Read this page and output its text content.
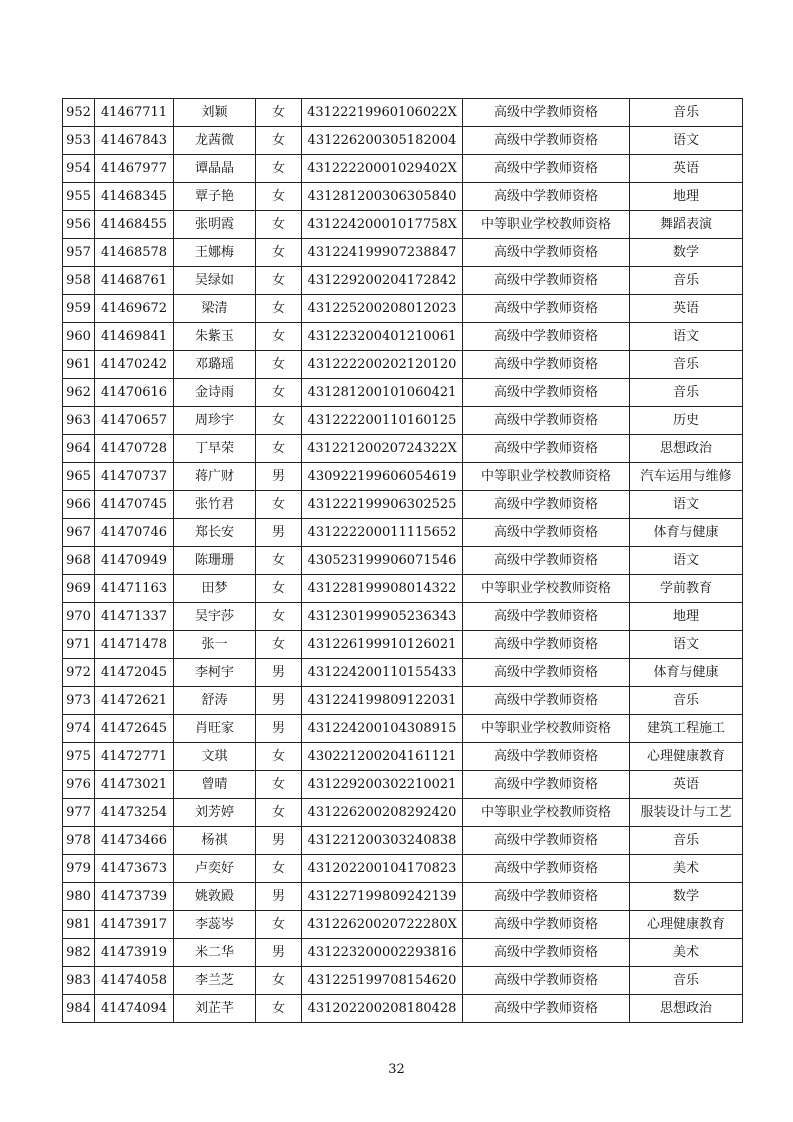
952	41467711	刘颖	女	43122219960106022X	高级中学教师资格	音乐
953	41467843	龙茜微	女	431226200305182004	高级中学教师资格	语文
954	41467977	谭晶晶	女	43122220001029402X	高级中学教师资格	英语
955	41468345	覃子艳	女	431281200306305840	高级中学教师资格	地理
956	41468455	张明霞	女	43122420001017758X	中等职业学校教师资格	舞蹈表演
957	41468578	王娜梅	女	431224199907238847	高级中学教师资格	数学
958	41468761	吴绿如	女	431229200204172842	高级中学教师资格	音乐
959	41469672	梁清	女	431225200208012023	高级中学教师资格	英语
960	41469841	朱紫玉	女	431223200401210061	高级中学教师资格	语文
961	41470242	邓璐瑶	女	431222200202120120	高级中学教师资格	音乐
962	41470616	金诗雨	女	431281200101060421	高级中学教师资格	音乐
963	41470657	周珍宇	女	431222200110160125	高级中学教师资格	历史
964	41470728	丁早荣	女	43122120020724322X	高级中学教师资格	思想政治
965	41470737	蒋广财	男	430922199606054619	中等职业学校教师资格	汽车运用与维修
966	41470745	张竹君	女	431222199906302525	高级中学教师资格	语文
967	41470746	郑长安	男	431222200011115652	高级中学教师资格	体育与健康
968	41470949	陈珊珊	女	430523199906071546	高级中学教师资格	语文
969	41471163	田梦	女	431228199908014322	中等职业学校教师资格	学前教育
970	41471337	吴宇莎	女	431230199905236343	高级中学教师资格	地理
971	41471478	张一	女	431226199910126021	高级中学教师资格	语文
972	41472045	李柯宇	男	431224200110155433	高级中学教师资格	体育与健康
973	41472621	舒涛	男	431224199809122031	高级中学教师资格	音乐
974	41472645	肖旺家	男	431224200104308915	中等职业学校教师资格	建筑工程施工
975	41472771	文琪	女	430221200204161121	高级中学教师资格	心理健康教育
976	41473021	曾晴	女	431229200302210021	高级中学教师资格	英语
977	41473254	刘芳婷	女	431226200208292420	中等职业学校教师资格	服装设计与工艺
978	41473466	杨祺	男	431221200303240838	高级中学教师资格	音乐
979	41473673	卢奕好	女	431202200104170823	高级中学教师资格	美术
980	41473739	姚敦殿	男	431227199809242139	高级中学教师资格	数学
981	41473917	李蕊岑	女	43122620020722280X	高级中学教师资格	心理健康教育
982	41473919	米二华	男	431223200002293816	高级中学教师资格	美术
983	41474058	李兰芝	女	431225199708154620	高级中学教师资格	音乐
984	41474094	刘芷芊	女	431202200208180428	高级中学教师资格	思想政治
32
